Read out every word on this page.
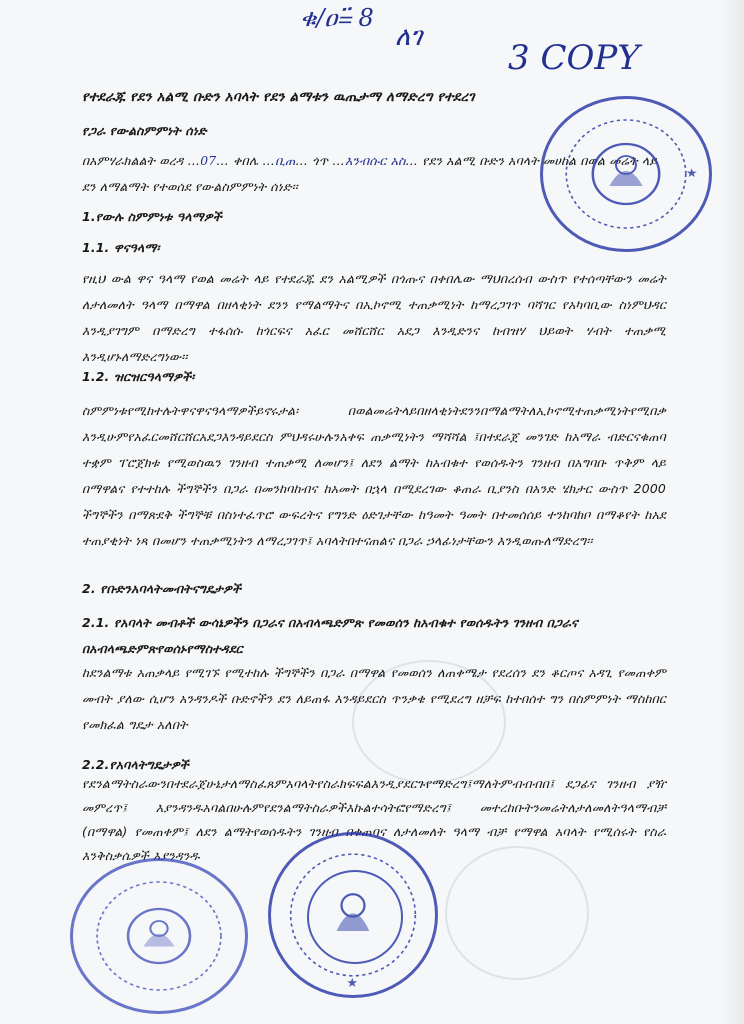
ቁ/ዐ=፟ 8
ለገ
3 COPY
የተደራጁ የደን አልሚ ቡድን አባላት የደን ልማቱን ዉጤታማ ለማድረግ የተደረገ
የጋራ የውልስምምነት ሰነድ
በአምሃራክልልት ወረዳ …07… ቀበሌ …ቢጠ… ጎጥ …እንብሱር አስ… የደን አልሚ ቡድን አባላት መሀከል በወል መሬት ላይ ደን ለማልማት የተወሰደ የውልስምምነት ሰነድ፡፡
1.የውሉ ስምምነቱ ዓላማዎች
1.1. ዋናዓላማ፡
የዚህ ውል ዋና ዓላማ የወል መሬት ላይ የተደራጁ ደን አልሚዎች በጎጡና በቀበሌው ማህበረሰብ ውስጥ የተሰጣቸውን መሬት ለታለመለት ዓላማ በማዋል በዘላቂነት ደንን የማልማትና በኢኮኖሚ ተጠቃሚነት ከማረጋገጥ ባሻገር የአካባቢው ስነምህዳር እንዲያገግም በማድረግ ተፋሰሱ ከጎርፍና አፈር መሸርሸር አደጋ እንዲድንና ከብዝሃ ህይወት ሃብት ተጠቃሚ እንዲሆኑለማድረግነው፡፡
1.2. ዝርዝርዓላማዎች፡
ስምምነቱየሚከተሉትዋናዋናዓላማዎችይኖሩታል፡ በወልመሬትላይበዘላቂነትደንንበማልማትለኢኮኖሚተጠቃሚነትየሚበቃ እንዲሁምየአፈርመሸርሸርአደጋእንዳይደርስ ምህዳሩሁሉንአቀፍ ጠቃሚነትን ማሻሻል ፤በተደራጀ መንገድ ከአማራ ብድርናቁጠባ ተቋም ፐሮጀክቱ የሚወስዉን ገንዘብ ተጠቃሚ ለመሆን፤ ለደን ልማት ከአብቁተ የወሰዱትን ገንዘብ በአግባቡ ጥቅም ላይ በማዋልና የተተከሉ ችግኞችን በጋራ በመንከባከብና ከአመት በኋላ በሚደረገው ቆጠራ ቢያንስ በአንድ ሄክታር ውስጥ 2000 ችግኞችን በማጽደቅ ችግኞቹ በስነተፈጥሮ ውፍረትና የግንድ ዕድገታቸው ከዓመት ዓመት በተመሰሰይ ተንከባክቦ በማቆየት ከአደ ተጠያቂነት ነጻ በመሆን ተጠቃሚነትን ለማረጋገጥ፤ አባላትበተናጠልና በጋራ ኃላፊነታቸውን እንዲወጡለማድረግ፡፡
2. የቡድንአባላትመብትናግዴታዎች
2.1. የአባላት መብቶች ውሳኔዎችን በጋራና በአብላጫድምጽ የመወሰን ከአብቁተ የወሰዱትን ገንዘብ በጋራና በአብላጫድምጽየወሰኑየማስተዳደር
ከደንልማቱ አጠቃላይ የሚገኙ የሚተከሉ ችግኞችን በጋራ በማዋል የመወሰን ለጠቀሜታ የደረሰን ደን ቆርጦና አዳጊ የመጠቀም መብት ያለው ሲሆን አንዳንዶች ቡድኖችን ደን ለይጠፋ እንዳይደርስ ጥንቃቄ የሚደረግ ዘቻፍ ከተበሰተ ግን በስምምነት ማስከበር የመክፈል ግዴታ አለበት
2.2.የአባላትግዴታዎች
የደንልማትስራውንበተደራጀሁኔታለማስፈጸምአባላትየስራክፍፍልእንዲያደርጉየማድረግ፤ማለትምብብብበ፤ ደጋፊና ገንዘብ ያዥ መምረጥ፤ እያንዳንዱአባልበሁሉምየደንልማትስራዎችእኩልተሳትፎየማድረግ፤ መተረከቡትንመሬትለታለመለትዓላማብቻ (በማዋል) የመጠቀም፤ ለደን ልማትየወሰዱትን ገንዘብ በቁጠባና ለታለመለት ዓላማ ብቻ የማዋል አባላት የሚሰሩት የስራ እንቅስቃሴዎች እያንዳንዱ
★
★
